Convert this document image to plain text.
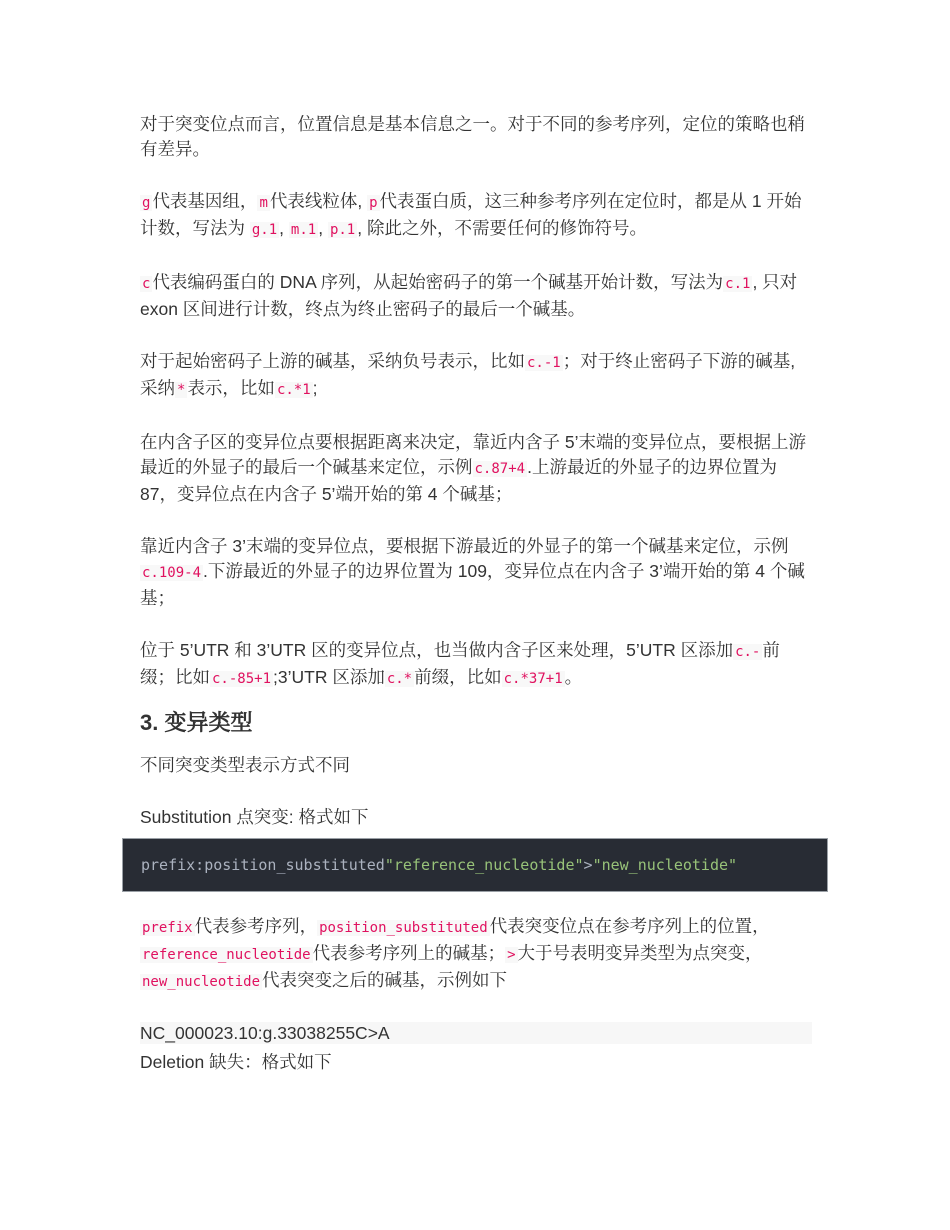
对于突变位点而言，位置信息是基本信息之一。对于不同的参考序列，定位的策略也稍有差异。

g 代表基因组， m 代表线粒体, p 代表蛋白质，这三种参考序列在定位时，都是从 1 开始计数，写法为 g.1 , m.1 , p.1 , 除此之外，不需要任何的修饰符号。

c 代表编码蛋白的 DNA 序列，从起始密码子的第一个碱基开始计数，写法为 c.1 , 只对 exon 区间进行计数，终点为终止密码子的最后一个碱基。

对于起始密码子上游的碱基，采纳负号表示，比如 c.-1 ；对于终止密码子下游的碱基, 采纳 * 表示，比如 c.*1 ;

在内含子区的变异位点要根据距离来决定，靠近内含子 5’末端的变异位点，要根据上游最近的外显子的最后一个碱基来定位，示例 c.87+4 .上游最近的外显子的边界位置为 87，变异位点在内含子 5’端开始的第 4 个碱基；

靠近内含子 3’末端的变异位点，要根据下游最近的外显子的第一个碱基来定位，示例c.109-4 .下游最近的外显子的边界位置为 109，变异位点在内含子 3’端开始的第 4 个碱基；

位于 5’UTR 和 3’UTR 区的变异位点，也当做内含子区来处理，5’UTR 区添加 c.- 前缀；比如 c.-85+1 ;3’UTR 区添加 c.* 前缀，比如 c.*37+1 。

3. 变异类型

不同突变类型表示方式不同

Substitution 点突变: 格式如下

prefix:position_substituted"reference_nucleotide">"new_nucleotide"

prefix 代表参考序列， position_substituted 代表突变位点在参考序列上的位置，reference_nucleotide 代表参考序列上的碱基； > 大于号表明变异类型为点突变，new_nucleotide 代表突变之后的碱基，示例如下

NC_000023.10:g.33038255C>A

Deletion 缺失：格式如下
